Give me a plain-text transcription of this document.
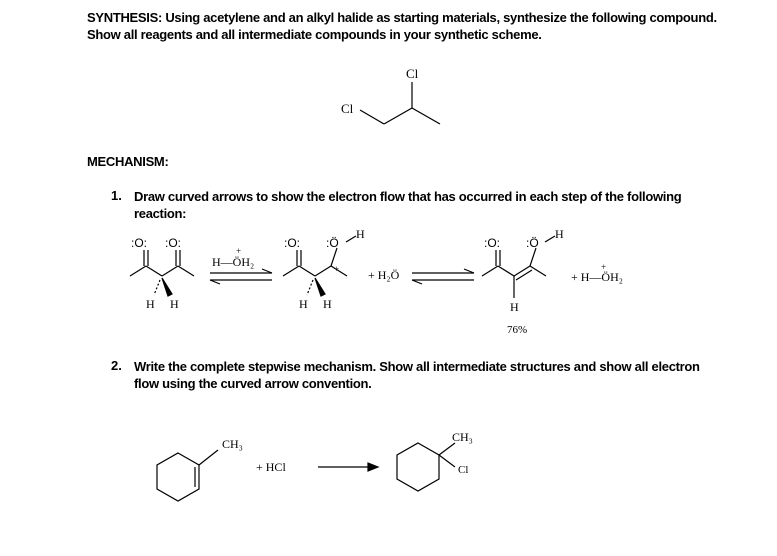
SYNTHESIS: Using acetylene and an alkyl halide as starting materials, synthesize the following compound.
Show all reagents and all intermediate compounds in your synthetic scheme.
Cl
Cl
MECHANISM:
1. Draw curved arrows to show the electron flow that has occurred in each step of the following
reaction:
:O: :O:
H H
+
H—ÖH₂
:O: :Ö
H
+
H H
+ H₂Ö
:O: :Ö
H
H
+
+ H—ÖH₂
76%
2. Write the complete stepwise mechanism. Show all intermediate structures and show all electron
flow using the curved arrow convention.
CH₃
+ HCl
CH₃
Cl
